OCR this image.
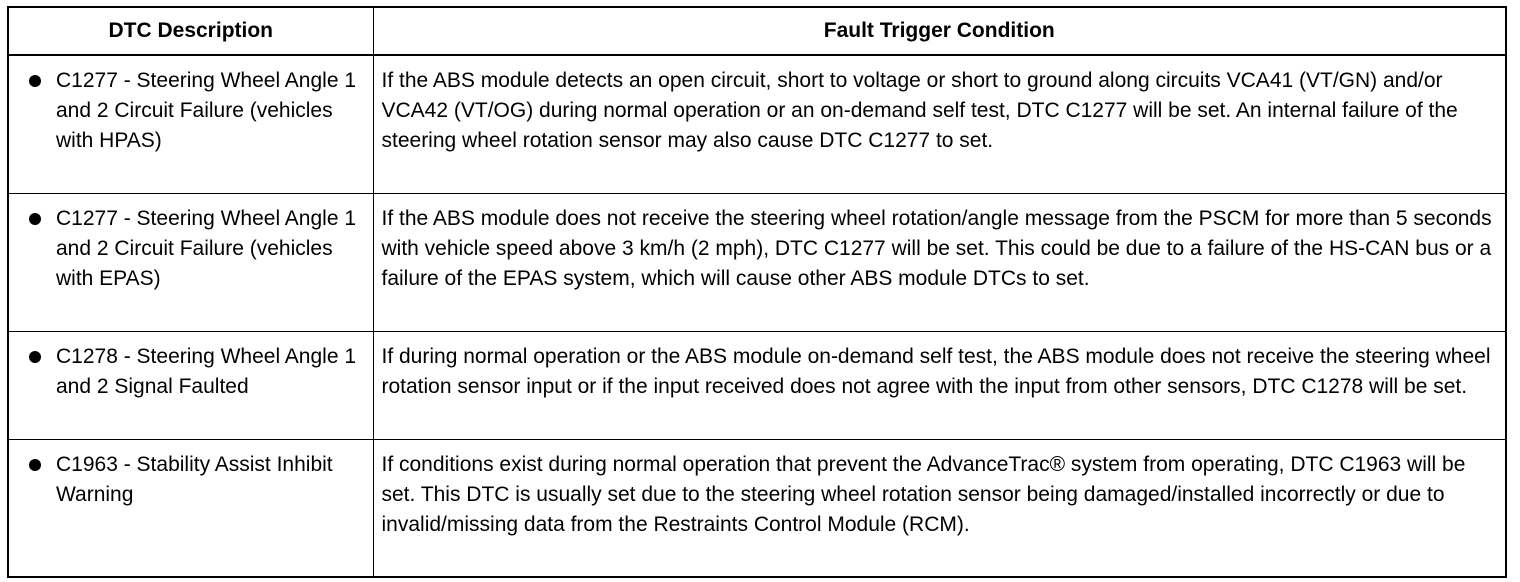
DTC Description	Fault Trigger Condition

C1277 - Steering Wheel Angle 1 and 2 Circuit Failure (vehicles with HPAS)	If the ABS module detects an open circuit, short to voltage or short to ground along circuits VCA41 (VT/GN) and/or VCA42 (VT/OG) during normal operation or an on-demand self test, DTC C1277 will be set. An internal failure of the steering wheel rotation sensor may also cause DTC C1277 to set.

C1277 - Steering Wheel Angle 1 and 2 Circuit Failure (vehicles with EPAS)	If the ABS module does not receive the steering wheel rotation/angle message from the PSCM for more than 5 seconds with vehicle speed above 3 km/h (2 mph), DTC C1277 will be set. This could be due to a failure of the HS-CAN bus or a failure of the EPAS system, which will cause other ABS module DTCs to set.

C1278 - Steering Wheel Angle 1 and 2 Signal Faulted	If during normal operation or the ABS module on-demand self test, the ABS module does not receive the steering wheel rotation sensor input or if the input received does not agree with the input from other sensors, DTC C1278 will be set.

C1963 - Stability Assist Inhibit Warning	If conditions exist during normal operation that prevent the AdvanceTrac® system from operating, DTC C1963 will be set. This DTC is usually set due to the steering wheel rotation sensor being damaged/installed incorrectly or due to invalid/missing data from the Restraints Control Module (RCM).
